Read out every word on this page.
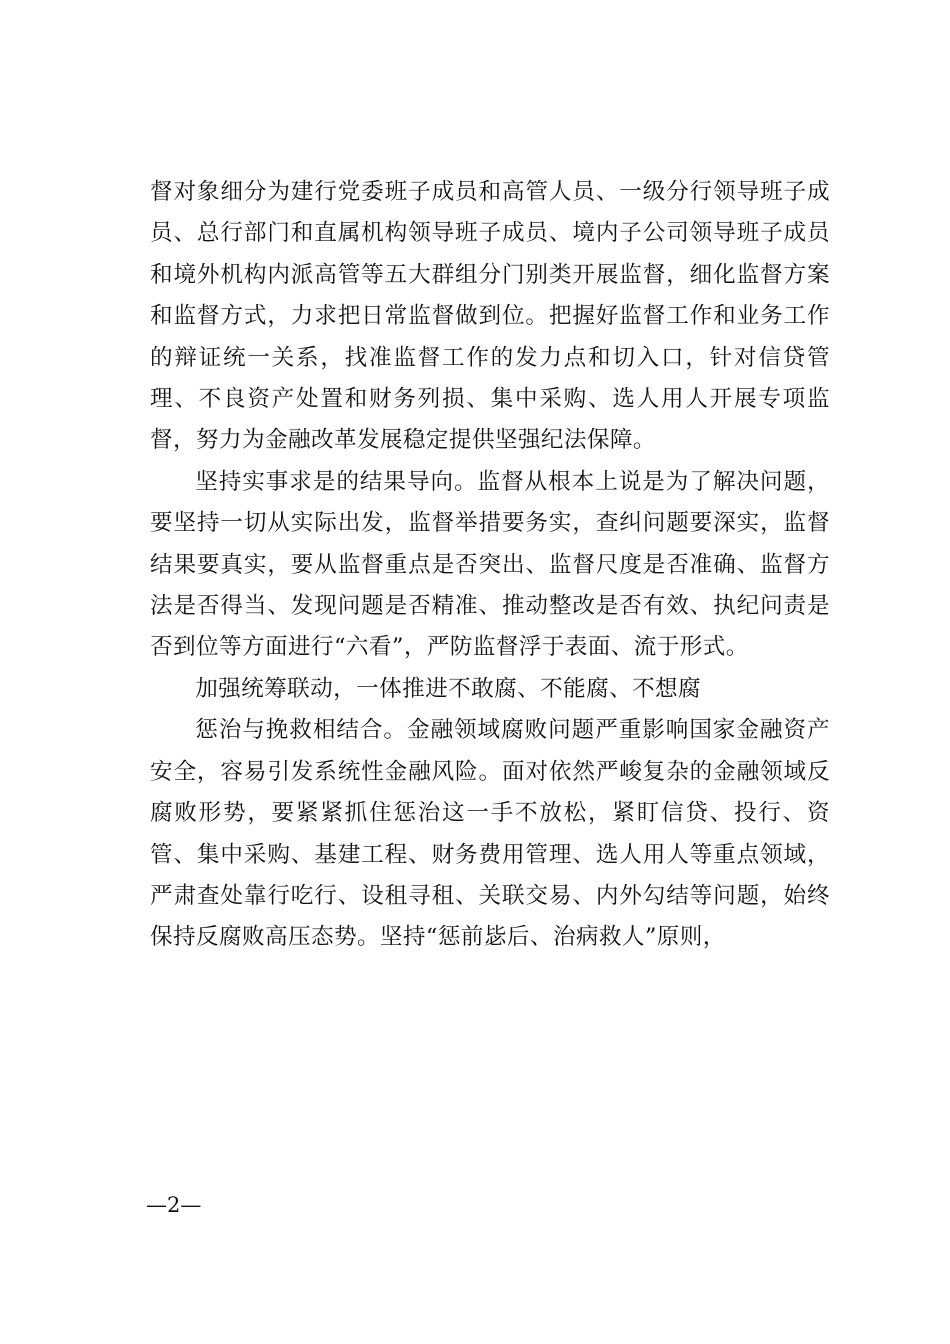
督对象细分为建行党委班子成员和高管人员、一级分行领导班子成员、总行部门和直属机构领导班子成员、境内子公司领导班子成员和境外机构内派高管等五大群组分门别类开展监督，细化监督方案和监督方式，力求把日常监督做到位。把握好监督工作和业务工作的辩证统一关系，找准监督工作的发力点和切入口，针对信贷管理、不良资产处置和财务列损、集中采购、选人用人开展专项监督，努力为金融改革发展稳定提供坚强纪法保障。

坚持实事求是的结果导向。监督从根本上说是为了解决问题，要坚持一切从实际出发，监督举措要务实，查纠问题要深实，监督结果要真实，要从监督重点是否突出、监督尺度是否准确、监督方法是否得当、发现问题是否精准、推动整改是否有效、执纪问责是否到位等方面进行“六看”，严防监督浮于表面、流于形式。

加强统筹联动，一体推进不敢腐、不能腐、不想腐

惩治与挽救相结合。金融领域腐败问题严重影响国家金融资产安全，容易引发系统性金融风险。面对依然严峻复杂的金融领域反腐败形势，要紧紧抓住惩治这一手不放松，紧盯信贷、投行、资管、集中采购、基建工程、财务费用管理、选人用人等重点领域，严肃查处靠行吃行、设租寻租、关联交易、内外勾结等问题，始终保持反腐败高压态势。坚持“惩前毖后、治病救人”原则，

—2—
